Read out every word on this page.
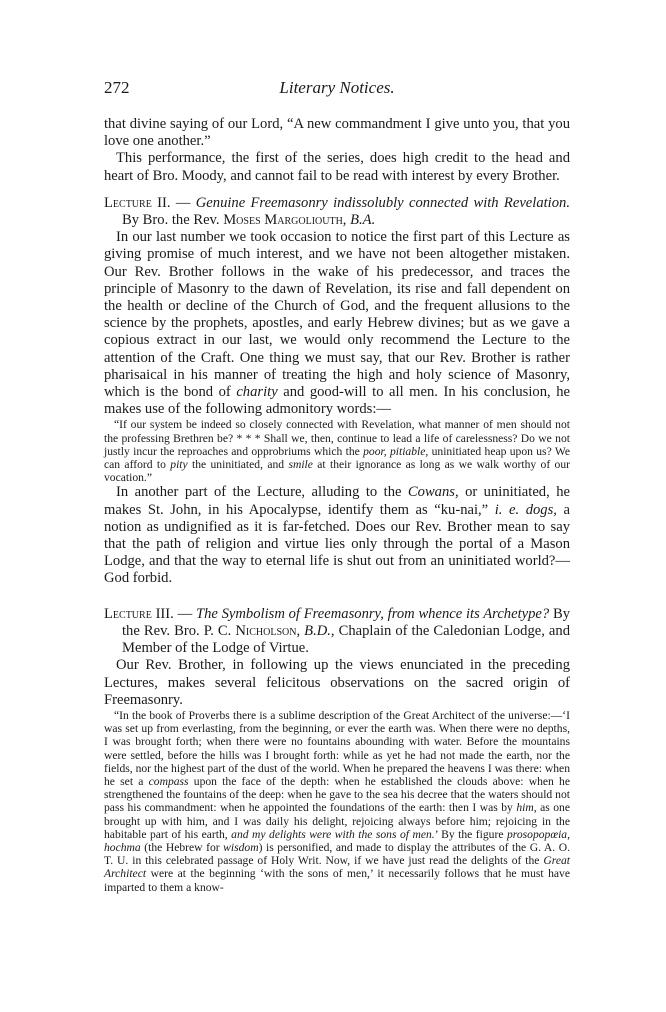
272	Literary Notices.

that divine saying of our Lord, “A new commandment I give unto you, that you love one another.”

This performance, the first of the series, does high credit to the head and heart of Bro. Moody, and cannot fail to be read with interest by every Brother.

Lecture II. — Genuine Freemasonry indissolubly connected with Revelation. By Bro. the Rev. Moses Margoliouth, B.A.

In our last number we took occasion to notice the first part of this Lecture as giving promise of much interest, and we have not been altogether mistaken. Our Rev. Brother follows in the wake of his predecessor, and traces the principle of Masonry to the dawn of Revelation, its rise and fall dependent on the health or decline of the Church of God, and the frequent allusions to the science by the prophets, apostles, and early Hebrew divines; but as we gave a copious extract in our last, we would only recommend the Lecture to the attention of the Craft. One thing we must say, that our Rev. Brother is rather pharisaical in his manner of treating the high and holy science of Masonry, which is the bond of charity and good-will to all men. In his conclusion, he makes use of the following admonitory words:—

“If our system be indeed so closely connected with Revelation, what manner of men should not the professing Brethren be? * * * Shall we, then, continue to lead a life of carelessness? Do we not justly incur the reproaches and opprobriums which the poor, pitiable, uninitiated heap upon us? We can afford to pity the uninitiated, and smile at their ignorance as long as we walk worthy of our vocation.”

In another part of the Lecture, alluding to the Cowans, or uninitiated, he makes St. John, in his Apocalypse, identify them as “ku-nai,” i. e. dogs, a notion as undignified as it is far-fetched. Does our Rev. Brother mean to say that the path of religion and virtue lies only through the portal of a Mason Lodge, and that the way to eternal life is shut out from an uninitiated world?—God forbid.

Lecture III. — The Symbolism of Freemasonry, from whence its Archetype? By the Rev. Bro. P. C. Nicholson, B.D., Chaplain of the Caledonian Lodge, and Member of the Lodge of Virtue.

Our Rev. Brother, in following up the views enunciated in the preceding Lectures, makes several felicitous observations on the sacred origin of Freemasonry.

“In the book of Proverbs there is a sublime description of the Great Architect of the universe:—‘I was set up from everlasting, from the beginning, or ever the earth was. When there were no depths, I was brought forth; when there were no fountains abounding with water. Before the mountains were settled, before the hills was I brought forth: while as yet he had not made the earth, nor the fields, nor the highest part of the dust of the world. When he prepared the heavens I was there: when he set a compass upon the face of the depth: when he established the clouds above: when he strengthened the fountains of the deep: when he gave to the sea his decree that the waters should not pass his commandment: when he appointed the foundations of the earth: then I was by him, as one brought up with him, and I was daily his delight, rejoicing always before him; rejoicing in the habitable part of his earth, and my delights were with the sons of men.’ By the figure prosopopœia, hochma (the Hebrew for wisdom) is personified, and made to display the attributes of the G. A. O. T. U. in this celebrated passage of Holy Writ. Now, if we have just read the delights of the Great Architect were at the beginning ‘with the sons of men,’ it necessarily follows that he must have imparted to them a know-
